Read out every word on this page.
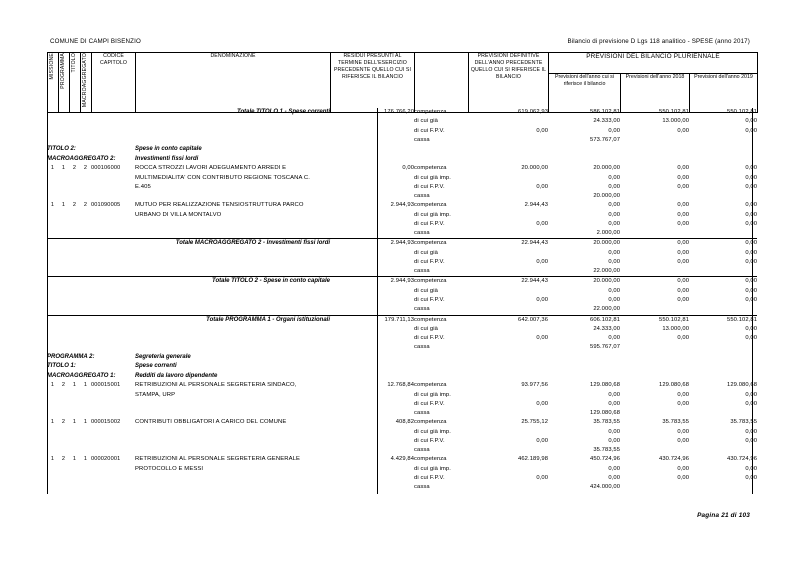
COMUNE DI CAMPI BISENZIO	Bilancio di previsione D Lgs 118 analitico - SPESE (anno 2017)
MISSIONE	PROGRAMMA	TITOLO	MACROAGGREGATO	CODICE
CAPITOLO	DENOMINAZIONE	RESIDUI PRESUNTI AL TERMINE DELL'ESERCIZIO PRECEDENTE QUELLO CUI SI RIFERISCE IL BILANCIO		PREVISIONI DEFINITIVE DELL'ANNO PRECEDENTE QUELLO CUI SI RIFERISCE IL BILANCIO	PREVISIONI DEL BILANCIO PLURIENNALE		
									Previsioni dell'anno cui si riferisce il bilancio	Previsioni dell'anno 2018	Previsioni dell'anno 2019
Totale TITOLO 1 - Spese correnti						176.766,20	competenza	619.062,93	586.102,81	550.102,81	550.102,81
							di cui già		24.333,00	13.000,00	0,00
							di cui F.P.V.	0,00	0,00	0,00	0,00
							cassa		573.767,07		
TITOLO 2:					Spese in conto capitale						
MACROAGGREGATO 2:					Investimenti fissi lordi						
1	1	2	2	000106000	ROCCA STROZZI LAVORI ADEGUAMENTO ARREDI E
MULTIMEDIALITA' CON CONTRIBUTO REGIONE TOSCANA C.
E.405	0,00	competenza	20.000,00	20.000,00	0,00	0,00
							di cui già imp.		0,00	0,00	0,00
							di cui F.P.V.	0,00	0,00	0,00	0,00
							cassa		20.000,00		
1	1	2	2	001090005	MUTUO PER REALIZZAZIONE TENSIOSTRUTTURA PARCO
URBANO DI VILLA MONTALVO	2.944,93	competenza	2.944,43	0,00	0,00	0,00
							di cui già imp.		0,00	0,00	0,00
							di cui F.P.V.	0,00	0,00	0,00	0,00
							cassa		2.000,00		
Totale MACROAGGREGATO 2 - Investimenti fissi lordi						2.944,93	competenza	22.944,43	20.000,00	0,00	0,00
							di cui già		0,00	0,00	0,00
							di cui F.P.V.	0,00	0,00	0,00	0,00
							cassa		22.000,00		
Totale TITOLO 2 - Spese in conto capitale						2.944,93	competenza	22.944,43	20.000,00	0,00	0,00
							di cui già		0,00	0,00	0,00
							di cui F.P.V.	0,00	0,00	0,00	0,00
							cassa		22.000,00		
Totale PROGRAMMA 1 - Organi istituzionali						179.711,13	competenza	642.007,36	606.102,81	550.102,81	550.102,81
							di cui già		24.333,00	13.000,00	0,00
							di cui F.P.V.	0,00	0,00	0,00	0,00
							cassa		595.767,07		
PROGRAMMA 2:					Segreteria generale						
TITOLO 1:					Spese correnti						
MACROAGGREGATO 1:					Redditi da lavoro dipendente						
1	2	1	1	000015001	RETRIBUZIONI AL PERSONALE SEGRETERIA SINDACO,
STAMPA, URP	12.768,84	competenza	93.977,56	129.080,68	129.080,68	129.080,68
							di cui già imp.		0,00	0,00	0,00
							di cui F.P.V.	0,00	0,00	0,00	0,00
							cassa		129.080,68		
1	2	1	1	000015002	CONTRIBUTI OBBLIGATORI A CARICO DEL COMUNE	408,82	competenza	25.755,12	35.783,55	35.783,55	35.783,55
							di cui già imp.		0,00	0,00	0,00
							di cui F.P.V.	0,00	0,00	0,00	0,00
							cassa		35.783,55		
1	2	1	1	000020001	RETRIBUZIONI AL PERSONALE SEGRETERIA GENERALE
PROTOCOLLO E MESSI	4.429,84	competenza	462.189,98	450.724,96	430.724,96	430.724,96
							di cui già imp.		0,00	0,00	0,00
							di cui F.P.V.	0,00	0,00	0,00	0,00
							cassa		424.000,00		
Pagina 21 di 103
